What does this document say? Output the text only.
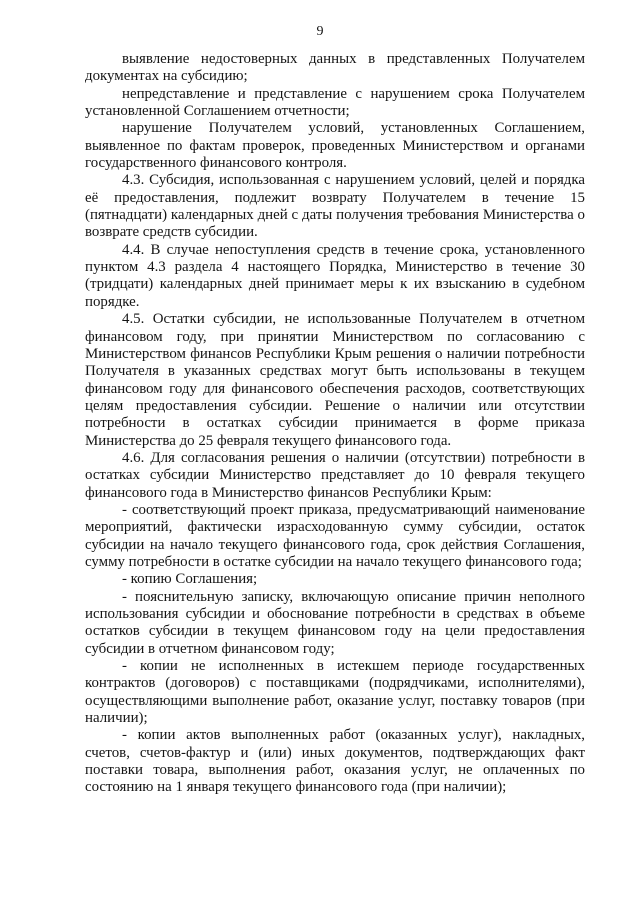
9

выявление недостоверных данных в представленных Получателем документах на субсидию;

непредставление и представление с нарушением срока Получателем установленной Соглашением отчетности;

нарушение Получателем условий, установленных Соглашением, выявленное по фактам проверок, проведенных Министерством и органами государственного финансового контроля.

4.3. Субсидия, использованная с нарушением условий, целей и порядка её предоставления, подлежит возврату Получателем в течение 15 (пятнадцати) календарных дней с даты получения требования Министерства о возврате средств субсидии.

4.4. В случае непоступления средств в течение срока, установленного пунктом 4.3 раздела 4 настоящего Порядка, Министерство в течение 30 (тридцати) календарных дней принимает меры к их взысканию в судебном порядке.

4.5. Остатки субсидии, не использованные Получателем в отчетном финансовом году, при принятии Министерством по согласованию с Министерством финансов Республики Крым решения о наличии потребности Получателя в указанных средствах могут быть использованы в текущем финансовом году для финансового обеспечения расходов, соответствующих целям предоставления субсидии. Решение о наличии или отсутствии потребности в остатках субсидии принимается в форме приказа Министерства до 25 февраля текущего финансового года.

4.6. Для согласования решения о наличии (отсутствии) потребности в остатках субсидии Министерство представляет до 10 февраля текущего финансового года в Министерство финансов Республики Крым:

- соответствующий проект приказа, предусматривающий наименование мероприятий, фактически израсходованную сумму субсидии, остаток субсидии на начало текущего финансового года, срок действия Соглашения, сумму потребности в остатке субсидии на начало текущего финансового года;

- копию Соглашения;

- пояснительную записку, включающую описание причин неполного использования субсидии и обоснование потребности в средствах в объеме остатков субсидии в текущем финансовом году на цели предоставления субсидии в отчетном финансовом году;

- копии не исполненных в истекшем периоде государственных контрактов (договоров) с поставщиками (подрядчиками, исполнителями), осуществляющими выполнение работ, оказание услуг, поставку товаров (при наличии);

- копии актов выполненных работ (оказанных услуг), накладных, счетов, счетов-фактур и (или) иных документов, подтверждающих факт поставки товара, выполнения работ, оказания услуг, не оплаченных по состоянию на 1 января текущего финансового года (при наличии);
